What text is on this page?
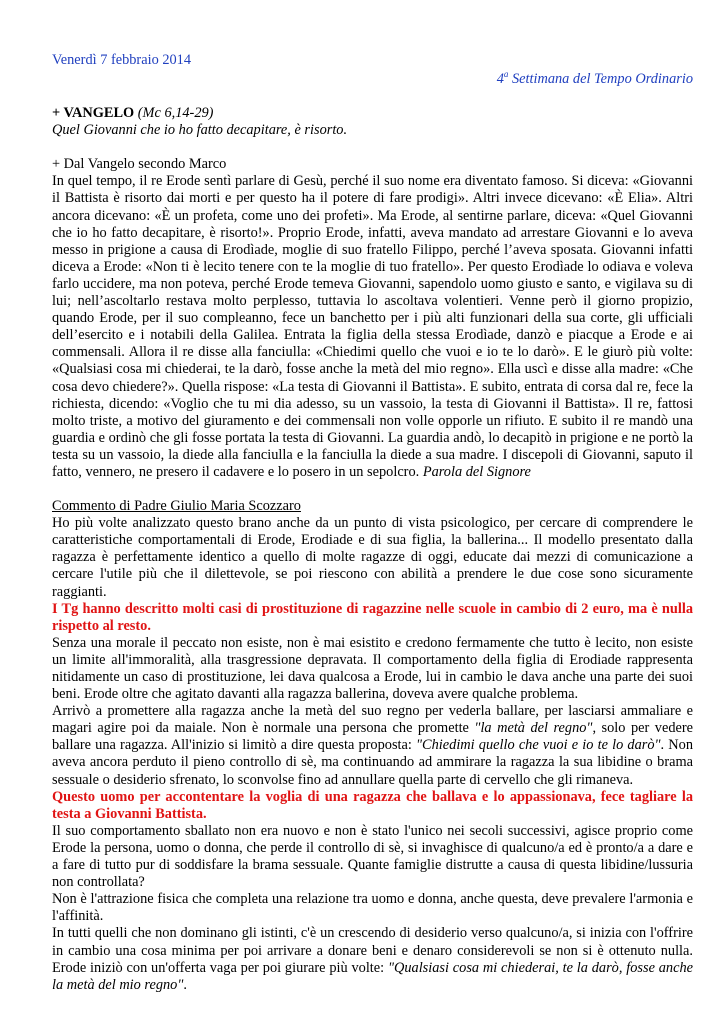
Venerdì 7 febbraio 2014
4$^a$ Settimana del Tempo Ordinario
+ VANGELO (Mc 6,14-29)
Quel Giovanni che io ho fatto decapitare, è risorto.
+ Dal Vangelo secondo Marco

In quel tempo, il re Erode sentì parlare di Gesù, perché il suo nome era diventato famoso. Si diceva: «Giovanni il Battista è risorto dai morti e per questo ha il potere di fare prodigi». Altri invece dicevano: «È Elia». Altri ancora dicevano: «È un profeta, come uno dei profeti». Ma Erode, al sentirne parlare, diceva: «Quel Giovanni che io ho fatto decapitare, è risorto!». Proprio Erode, infatti, aveva mandato ad arrestare Giovanni e lo aveva messo in prigione a causa di Erodìade, moglie di suo fratello Filippo, perché l’aveva sposata. Giovanni infatti diceva a Erode: «Non ti è lecito tenere con te la moglie di tuo fratello». Per questo Erodìade lo odiava e voleva farlo uccidere, ma non poteva, perché Erode temeva Giovanni, sapendolo uomo giusto e santo, e vigilava su di lui; nell’ascoltarlo restava molto perplesso, tuttavia lo ascoltava volentieri. Venne però il giorno propizio, quando Erode, per il suo compleanno, fece un banchetto per i più alti funzionari della sua corte, gli ufficiali dell’esercito e i notabili della Galilea. Entrata la figlia della stessa Erodìade, danzò e piacque a Erode e ai commensali. Allora il re disse alla fanciulla: «Chiedimi quello che vuoi e io te lo darò». E le giurò più volte: «Qualsiasi cosa mi chiederai, te la darò, fosse anche la metà del mio regno». Ella uscì e disse alla madre: «Che cosa devo chiedere?». Quella rispose: «La testa di Giovanni il Battista». E subito, entrata di corsa dal re, fece la richiesta, dicendo: «Voglio che tu mi dia adesso, su un vassoio, la testa di Giovanni il Battista». Il re, fattosi molto triste, a motivo del giuramento e dei commensali non volle opporle un rifiuto. E subito il re mandò una guardia e ordinò che gli fosse portata la testa di Giovanni. La guardia andò, lo decapitò in prigione e ne portò la testa su un vassoio, la diede alla fanciulla e la fanciulla la diede a sua madre. I discepoli di Giovanni, saputo il fatto, vennero, ne presero il cadavere e lo posero in un sepolcro. Parola del Signore

Commento di Padre Giulio Maria Scozzaro

Ho più volte analizzato questo brano anche da un punto di vista psicologico, per cercare di comprendere le caratteristiche comportamentali di Erode, Erodiade e di sua figlia, la ballerina... Il modello presentato dalla ragazza è perfettamente identico a quello di molte ragazze di oggi, educate dai mezzi di comunicazione a cercare l'utile più che il dilettevole, se poi riescono con abilità a prendere le due cose sono sicuramente raggianti.

I Tg hanno descritto molti casi di prostituzione di ragazzine nelle scuole in cambio di 2 euro, ma è nulla rispetto al resto.

Senza una morale il peccato non esiste, non è mai esistito e credono fermamente che tutto è lecito, non esiste un limite all'immoralità, alla trasgressione depravata. Il comportamento della figlia di Erodiade rappresenta nitidamente un caso di prostituzione, lei dava qualcosa a Erode, lui in cambio le dava anche una parte dei suoi beni. Erode oltre che agitato davanti alla ragazza ballerina, doveva avere qualche problema.

Arrivò a promettere alla ragazza anche la metà del suo regno per vederla ballare, per lasciarsi ammaliare e magari agire poi da maiale. Non è normale una persona che promette "la metà del regno", solo per vedere ballare una ragazza. All'inizio si limitò a dire questa proposta: "Chiedimi quello che vuoi e io te lo darò". Non aveva ancora perduto il pieno controllo di sè, ma continuando ad ammirare la ragazza la sua libidine o brama sessuale o desiderio sfrenato, lo sconvolse fino ad annullare quella parte di cervello che gli rimaneva.

Questo uomo per accontentare la voglia di una ragazza che ballava e lo appassionava, fece tagliare la testa a Giovanni Battista.

Il suo comportamento sballato non era nuovo e non è stato l'unico nei secoli successivi, agisce proprio come Erode la persona, uomo o donna, che perde il controllo di sè, si invaghisce di qualcuno/a ed è pronto/a a dare e a fare di tutto pur di soddisfare la brama sessuale. Quante famiglie distrutte a causa di questa libidine/lussuria non controllata?

Non è l'attrazione fisica che completa una relazione tra uomo e donna, anche questa, deve prevalere l'armonia e l'affinità.

In tutti quelli che non dominano gli istinti, c'è un crescendo di desiderio verso qualcuno/a, si inizia con l'offrire in cambio una cosa minima per poi arrivare a donare beni e denaro considerevoli se non si è ottenuto nulla. Erode iniziò con un'offerta vaga per poi giurare più volte: "Qualsiasi cosa mi chiederai, te la darò, fosse anche la metà del mio regno".
